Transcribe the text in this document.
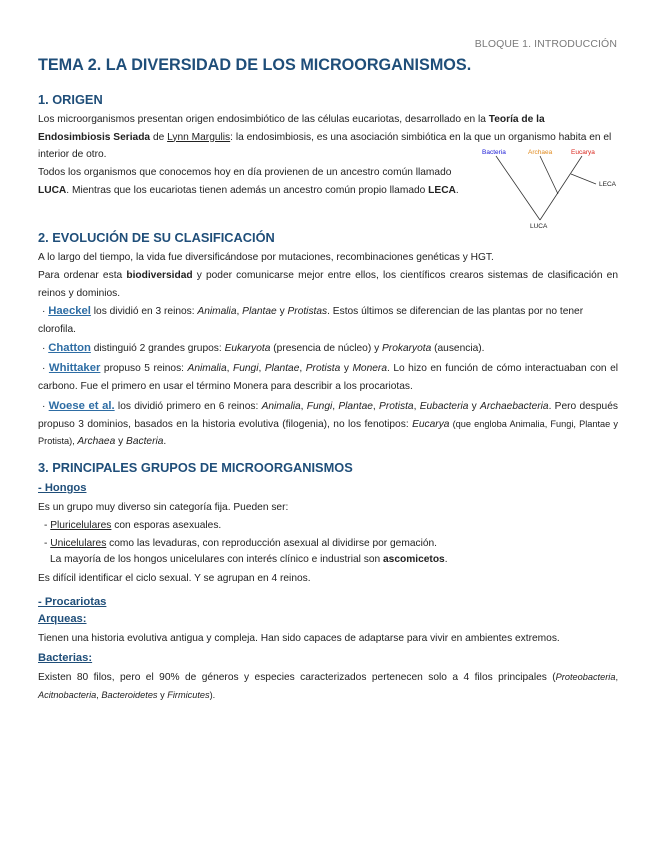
BLOQUE 1. INTRODUCCIÓN
TEMA 2. LA DIVERSIDAD DE LOS MICROORGANISMOS.
1. ORIGEN

Los microorganismos presentan origen endosimbiótico de las células eucariotas, desarrollado en la Teoría de la Endosimbiosis Seriada de Lynn Margulis: la endosimbiosis, es una asociación simbiótica en la que un organismo habita en el interior de otro.

Todos los organismos que conocemos hoy en día provienen de un ancestro común llamado LUCA. Mientras que los eucariotas tienen además un ancestro común propio llamado LECA.

Bacteria	Archaea	Eucarya
LECA
LUCA
2. EVOLUCIÓN DE SU CLASIFICACIÓN

A lo largo del tiempo, la vida fue diversificándose por mutaciones, recombinaciones genéticas y HGT.

Para ordenar esta biodiversidad y poder comunicarse mejor entre ellos, los científicos crearos sistemas de clasificación en reinos y dominios.

· Haeckel los dividió en 3 reinos: Animalia, Plantae y Protistas. Estos últimos se diferencian de las plantas por no tener clorofila.

· Chatton distinguió 2 grandes grupos: Eukaryota (presencia de núcleo) y Prokaryota (ausencia).

· Whittaker propuso 5 reinos: Animalia, Fungi, Plantae, Protista y Monera. Lo hizo en función de cómo interactuaban con el carbono. Fue el primero en usar el término Monera para describir a los procariotas.

· Woese et al. los dividió primero en 6 reinos: Animalia, Fungi, Plantae, Protista, Eubacteria y Archaebacteria. Pero después propuso 3 dominios, basados en la historia evolutiva (filogenia), no los fenotipos: Eucarya (que engloba Animalia, Fungi, Plantae y Protista), Archaea y Bacteria.

3. PRINCIPALES GRUPOS DE MICROORGANISMOS
- Hongos

Es un grupo muy diverso sin categoría fija. Pueden ser:

- Pluricelulares con esporas asexuales.

- Unicelulares como las levaduras, con reproducción asexual al dividirse por gemación.

La mayoría de los hongos unicelulares con interés clínico e industrial son ascomicetos.

Es difícil identificar el ciclo sexual. Y se agrupan en 4 reinos.

- Procariotas
Arqueas:

Tienen una historia evolutiva antigua y compleja. Han sido capaces de adaptarse para vivir en ambientes extremos.

Bacterias:

Existen 80 filos, pero el 90% de géneros y especies caracterizados pertenecen solo a 4 filos principales (Proteobacteria, Acitnobacteria, Bacteroidetes y Firmicutes).
